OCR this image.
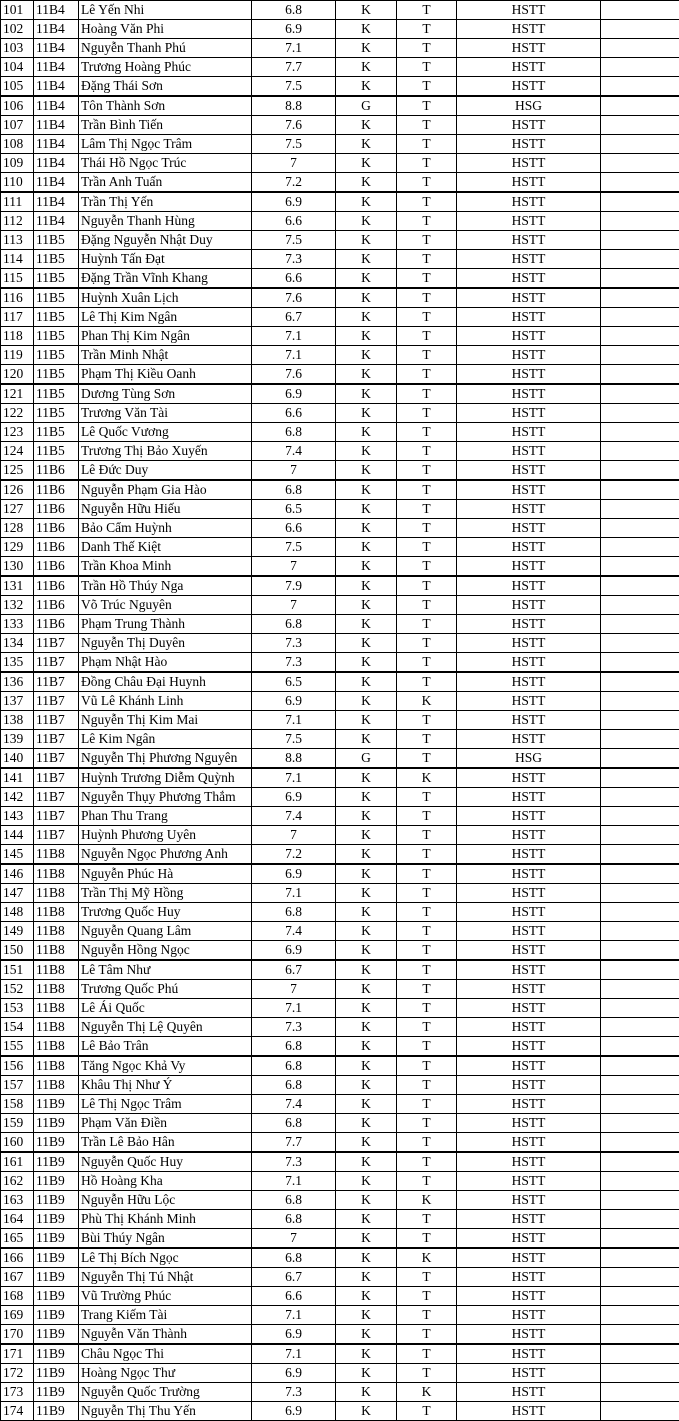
101	11B4	Lê Yến Nhi	6.8	K	T	HSTT	
102	11B4	Hoàng Văn Phi	6.9	K	T	HSTT	
103	11B4	Nguyễn Thanh Phú	7.1	K	T	HSTT	
104	11B4	Trương Hoàng Phúc	7.7	K	T	HSTT	
105	11B4	Đặng Thái Sơn	7.5	K	T	HSTT	
106	11B4	Tôn Thành Sơn	8.8	G	T	HSG	
107	11B4	Trần Bình Tiến	7.6	K	T	HSTT	
108	11B4	Lâm Thị Ngọc Trâm	7.5	K	T	HSTT	
109	11B4	Thái Hồ Ngọc Trúc	7	K	T	HSTT	
110	11B4	Trần Anh Tuấn	7.2	K	T	HSTT	
111	11B4	Trần Thị Yến	6.9	K	T	HSTT	
112	11B4	Nguyễn Thanh Hùng	6.6	K	T	HSTT	
113	11B5	Đặng Nguyễn Nhật Duy	7.5	K	T	HSTT	
114	11B5	Huỳnh Tấn Đạt	7.3	K	T	HSTT	
115	11B5	Đặng Trần Vĩnh Khang	6.6	K	T	HSTT	
116	11B5	Huỳnh Xuân Lịch	7.6	K	T	HSTT	
117	11B5	Lê Thị Kim Ngân	6.7	K	T	HSTT	
118	11B5	Phan Thị Kim Ngân	7.1	K	T	HSTT	
119	11B5	Trần Minh Nhật	7.1	K	T	HSTT	
120	11B5	Phạm Thị Kiều Oanh	7.6	K	T	HSTT	
121	11B5	Dương Tùng Sơn	6.9	K	T	HSTT	
122	11B5	Trương Văn Tài	6.6	K	T	HSTT	
123	11B5	Lê Quốc Vương	6.8	K	T	HSTT	
124	11B5	Trương Thị Bảo Xuyến	7.4	K	T	HSTT	
125	11B6	Lê Đức Duy	7	K	T	HSTT	
126	11B6	Nguyễn Phạm Gia Hào	6.8	K	T	HSTT	
127	11B6	Nguyễn Hữu Hiếu	6.5	K	T	HSTT	
128	11B6	Bảo Cẩm Huỳnh	6.6	K	T	HSTT	
129	11B6	Danh Thế Kiệt	7.5	K	T	HSTT	
130	11B6	Trần Khoa Minh	7	K	T	HSTT	
131	11B6	Trần Hồ Thúy Nga	7.9	K	T	HSTT	
132	11B6	Võ Trúc Nguyên	7	K	T	HSTT	
133	11B6	Phạm Trung Thành	6.8	K	T	HSTT	
134	11B7	Nguyễn Thị Duyên	7.3	K	T	HSTT	
135	11B7	Phạm Nhật Hào	7.3	K	T	HSTT	
136	11B7	Đồng Châu Đại Huynh	6.5	K	T	HSTT	
137	11B7	Vũ Lê Khánh Linh	6.9	K	K	HSTT	
138	11B7	Nguyễn Thị Kim Mai	7.1	K	T	HSTT	
139	11B7	Lê Kim Ngân	7.5	K	T	HSTT	
140	11B7	Nguyễn Thị Phương Nguyên	8.8	G	T	HSG	
141	11B7	Huỳnh Trương Diễm Quỳnh	7.1	K	K	HSTT	
142	11B7	Nguyễn Thụy Phương Thắm	6.9	K	T	HSTT	
143	11B7	Phan Thu Trang	7.4	K	T	HSTT	
144	11B7	Huỳnh Phương Uyên	7	K	T	HSTT	
145	11B8	Nguyễn Ngọc Phương Anh	7.2	K	T	HSTT	
146	11B8	Nguyễn Phúc Hà	6.9	K	T	HSTT	
147	11B8	Trần Thị Mỹ Hồng	7.1	K	T	HSTT	
148	11B8	Trương Quốc Huy	6.8	K	T	HSTT	
149	11B8	Nguyễn Quang Lâm	7.4	K	T	HSTT	
150	11B8	Nguyễn Hồng Ngọc	6.9	K	T	HSTT	
151	11B8	Lê Tâm Như	6.7	K	T	HSTT	
152	11B8	Trương Quốc Phú	7	K	T	HSTT	
153	11B8	Lê Ái Quốc	7.1	K	T	HSTT	
154	11B8	Nguyễn Thị Lệ Quyên	7.3	K	T	HSTT	
155	11B8	Lê Bảo Trân	6.8	K	T	HSTT	
156	11B8	Tăng Ngọc Khả Vy	6.8	K	T	HSTT	
157	11B8	Khâu Thị Như Ý	6.8	K	T	HSTT	
158	11B9	Lê Thị Ngọc Trâm	7.4	K	T	HSTT	
159	11B9	Phạm Văn Điền	6.8	K	T	HSTT	
160	11B9	Trần Lê Bảo Hân	7.7	K	T	HSTT	
161	11B9	Nguyễn Quốc Huy	7.3	K	T	HSTT	
162	11B9	Hồ Hoàng Kha	7.1	K	T	HSTT	
163	11B9	Nguyễn Hữu Lộc	6.8	K	K	HSTT	
164	11B9	Phù Thị Khánh Minh	6.8	K	T	HSTT	
165	11B9	Bùi Thúy Ngân	7	K	T	HSTT	
166	11B9	Lê Thị Bích Ngọc	6.8	K	K	HSTT	
167	11B9	Nguyễn Thị Tú Nhật	6.7	K	T	HSTT	
168	11B9	Vũ Trường Phúc	6.6	K	T	HSTT	
169	11B9	Trang Kiếm Tài	7.1	K	T	HSTT	
170	11B9	Nguyễn Văn Thành	6.9	K	T	HSTT	
171	11B9	Châu Ngọc Thi	7.1	K	T	HSTT	
172	11B9	Hoàng Ngọc Thư	6.9	K	T	HSTT	
173	11B9	Nguyễn Quốc Trường	7.3	K	K	HSTT	
174	11B9	Nguyễn Thị Thu Yến	6.9	K	T	HSTT	
